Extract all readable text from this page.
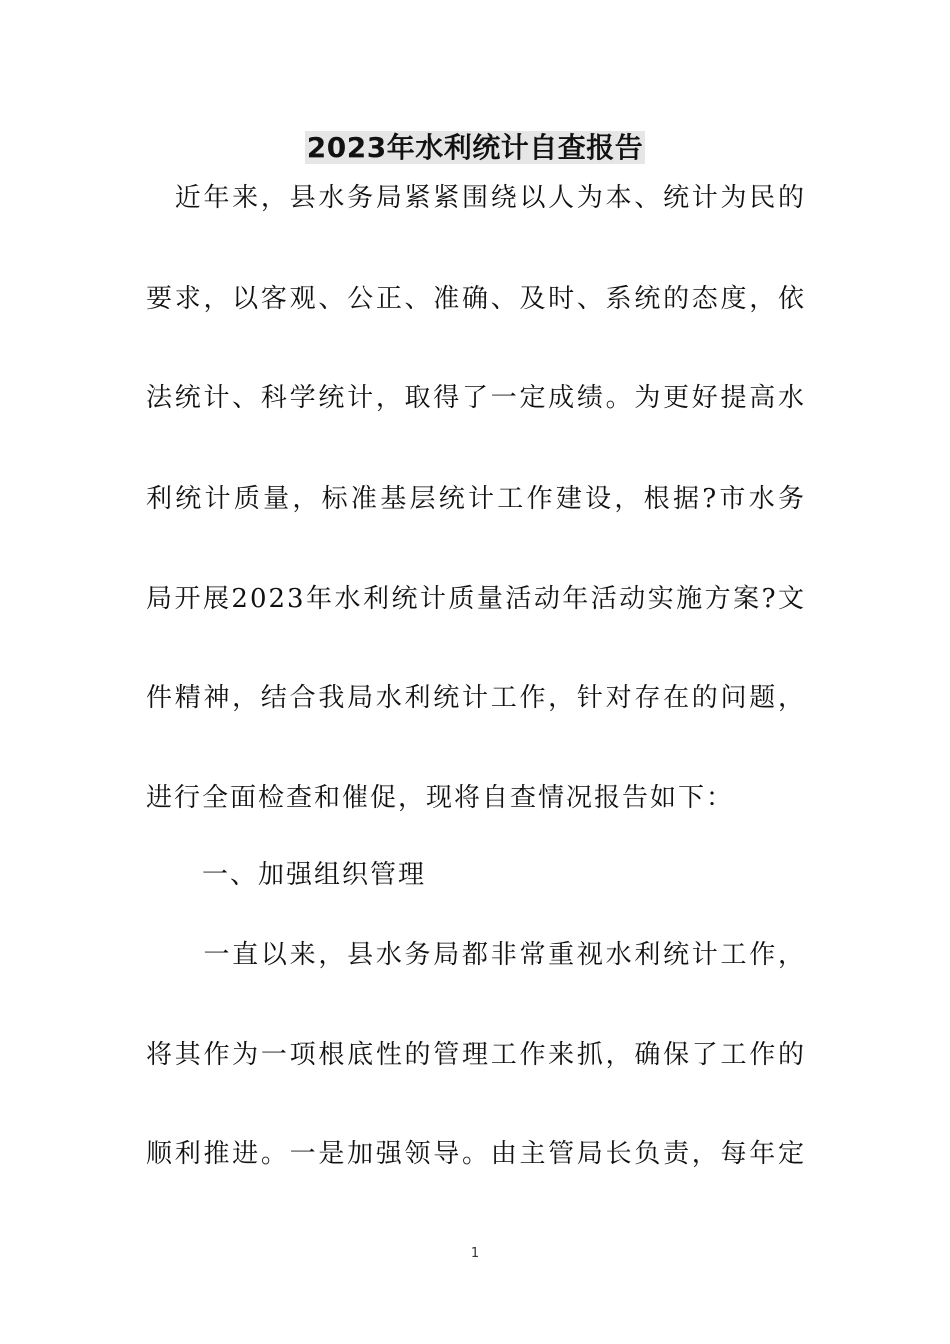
2023年水利统计自查报告
　近年来，县水务局紧紧围绕以人为本、统计为民的
要求，以客观、公正、准确、及时、系统的态度，依
法统计、科学统计，取得了一定成绩。为更好提高水
利统计质量，标准基层统计工作建设，根据?市水务
局开展2023年水利统计质量活动年活动实施方案?文
件精神，结合我局水利统计工作，针对存在的问题，
进行全面检查和催促，现将自查情况报告如下：
　　一、加强组织管理
　　一直以来，县水务局都非常重视水利统计工作，
将其作为一项根底性的管理工作来抓，确保了工作的
顺利推进。一是加强领导。由主管局长负责，每年定
1
